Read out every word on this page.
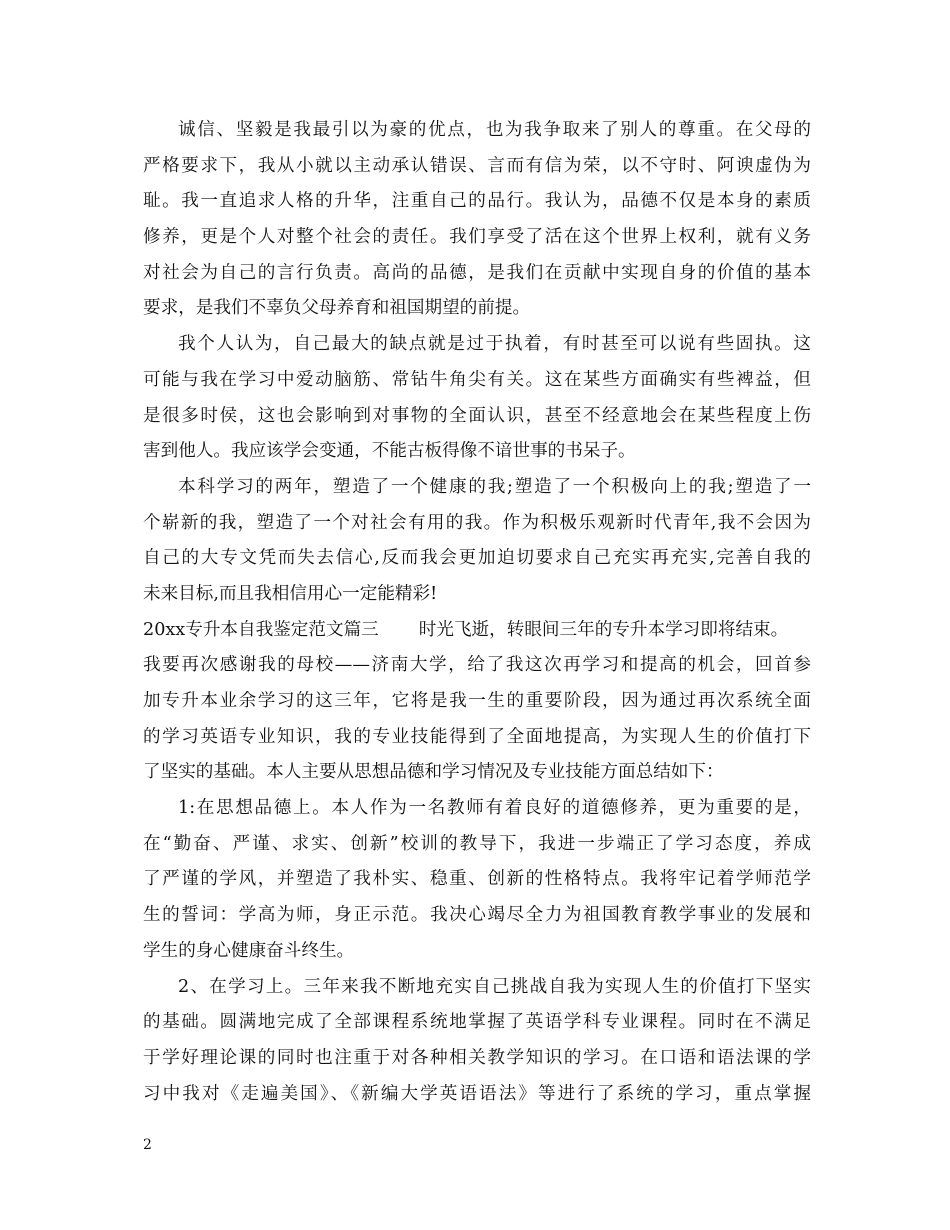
诚信、坚毅是我最引以为豪的优点，也为我争取来了别人的尊重。在父母的
严格要求下，我从小就以主动承认错误、言而有信为荣，以不守时、阿谀虚伪为
耻。我一直追求人格的升华，注重自己的品行。我认为，品德不仅是本身的素质
修养，更是个人对整个社会的责任。我们享受了活在这个世界上权利，就有义务
对社会为自己的言行负责。高尚的品德，是我们在贡献中实现自身的价值的基本
要求，是我们不辜负父母养育和祖国期望的前提。
我个人认为，自己最大的缺点就是过于执着，有时甚至可以说有些固执。这
可能与我在学习中爱动脑筋、常钻牛角尖有关。这在某些方面确实有些裨益，但
是很多时侯，这也会影响到对事物的全面认识，甚至不经意地会在某些程度上伤
害到他人。我应该学会变通，不能古板得像不谙世事的书呆子。
本科学习的两年，塑造了一个健康的我;塑造了一个积极向上的我;塑造了一
个崭新的我，塑造了一个对社会有用的我。作为积极乐观新时代青年,我不会因为
自己的大专文凭而失去信心,反而我会更加迫切要求自己充实再充实,完善自我的
未来目标,而且我相信用心一定能精彩!
20xx专升本自我鉴定范文篇三 时光飞逝，转眼间三年的专升本学习即将结束。
我要再次感谢我的母校——济南大学，给了我这次再学习和提高的机会，回首参
加专升本业余学习的这三年，它将是我一生的重要阶段，因为通过再次系统全面
的学习英语专业知识，我的专业技能得到了全面地提高，为实现人生的价值打下
了坚实的基础。本人主要从思想品德和学习情况及专业技能方面总结如下：
1:在思想品德上。本人作为一名教师有着良好的道德修养，更为重要的是，
在“勤奋、严谨、求实、创新”校训的教导下，我进一步端正了学习态度，养成
了严谨的学风，并塑造了我朴实、稳重、创新的性格特点。我将牢记着学师范学
生的誓词：学高为师，身正示范。我决心竭尽全力为祖国教育教学事业的发展和
学生的身心健康奋斗终生。
2、在学习上。三年来我不断地充实自己挑战自我为实现人生的价值打下坚实
的基础。圆满地完成了全部课程系统地掌握了英语学科专业课程。同时在不满足
于学好理论课的同时也注重于对各种相关教学知识的学习。在口语和语法课的学
习中我对《走遍美国》、《新编大学英语语法》等进行了系统的学习，重点掌握
2
